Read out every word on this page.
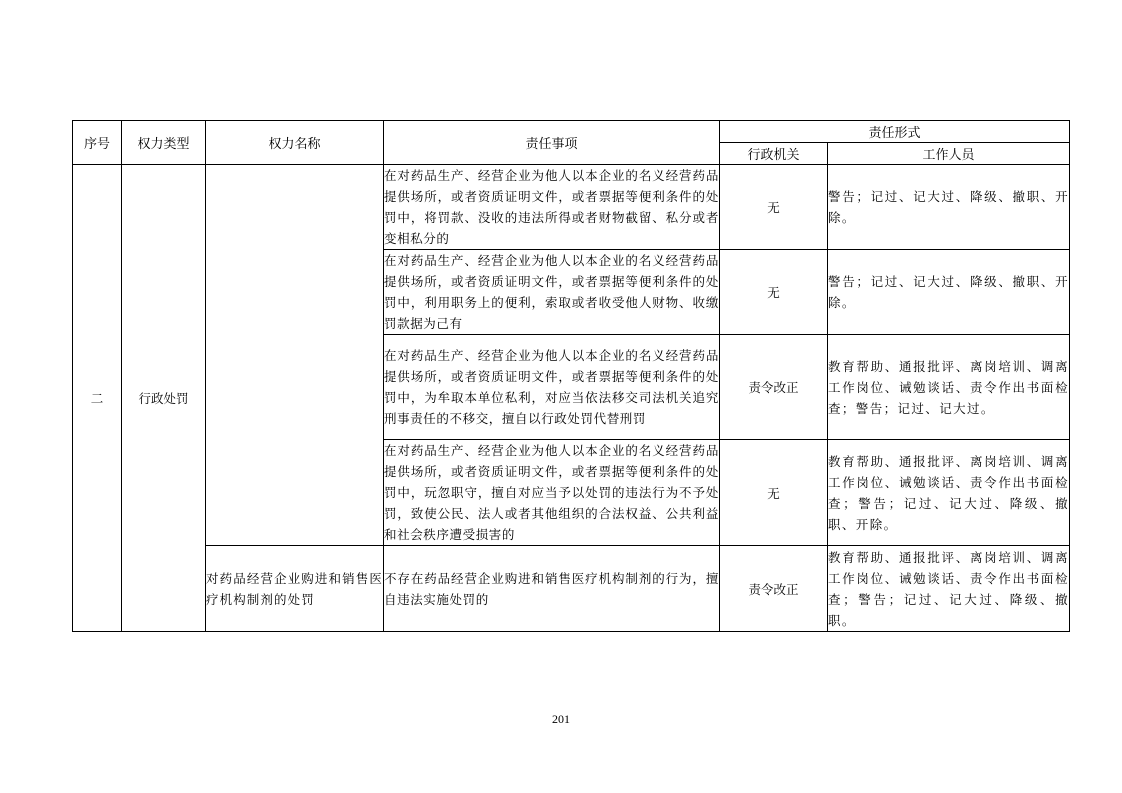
序号	权力类型	权力名称	责任事项	责任形式	
				行政机关	工作人员
二	行政处罚		在对药品生产、经营企业为他人以本企业的名义经营药品提供场所，或者资质证明文件，或者票据等便利条件的处罚中，将罚款、没收的违法所得或者财物截留、私分或者变相私分的	无	警告；记过、记大过、降级、撤职、开除。
			在对药品生产、经营企业为他人以本企业的名义经营药品提供场所，或者资质证明文件，或者票据等便利条件的处罚中，利用职务上的便利，索取或者收受他人财物、收缴罚款据为己有	无	警告；记过、记大过、降级、撤职、开除。
			在对药品生产、经营企业为他人以本企业的名义经营药品提供场所，或者资质证明文件，或者票据等便利条件的处罚中，为牟取本单位私利，对应当依法移交司法机关追究刑事责任的不移交，擅自以行政处罚代替刑罚	责令改正	教育帮助、通报批评、离岗培训、调离工作岗位、诫勉谈话、责令作出书面检查；警告；记过、记大过。
			在对药品生产、经营企业为他人以本企业的名义经营药品提供场所，或者资质证明文件，或者票据等便利条件的处罚中，玩忽职守，擅自对应当予以处罚的违法行为不予处罚，致使公民、法人或者其他组织的合法权益、公共利益和社会秩序遭受损害的	无	教育帮助、通报批评、离岗培训、调离工作岗位、诫勉谈话、责令作出书面检查；警告；记过、记大过、降级、撤职、开除。
		对药品经营企业购进和销售医疗机构制剂的处罚	不存在药品经营企业购进和销售医疗机构制剂的行为，擅自违法实施处罚的	责令改正	教育帮助、通报批评、离岗培训、调离工作岗位、诫勉谈话、责令作出书面检查；警告；记过、记大过、降级、撤职。
201
